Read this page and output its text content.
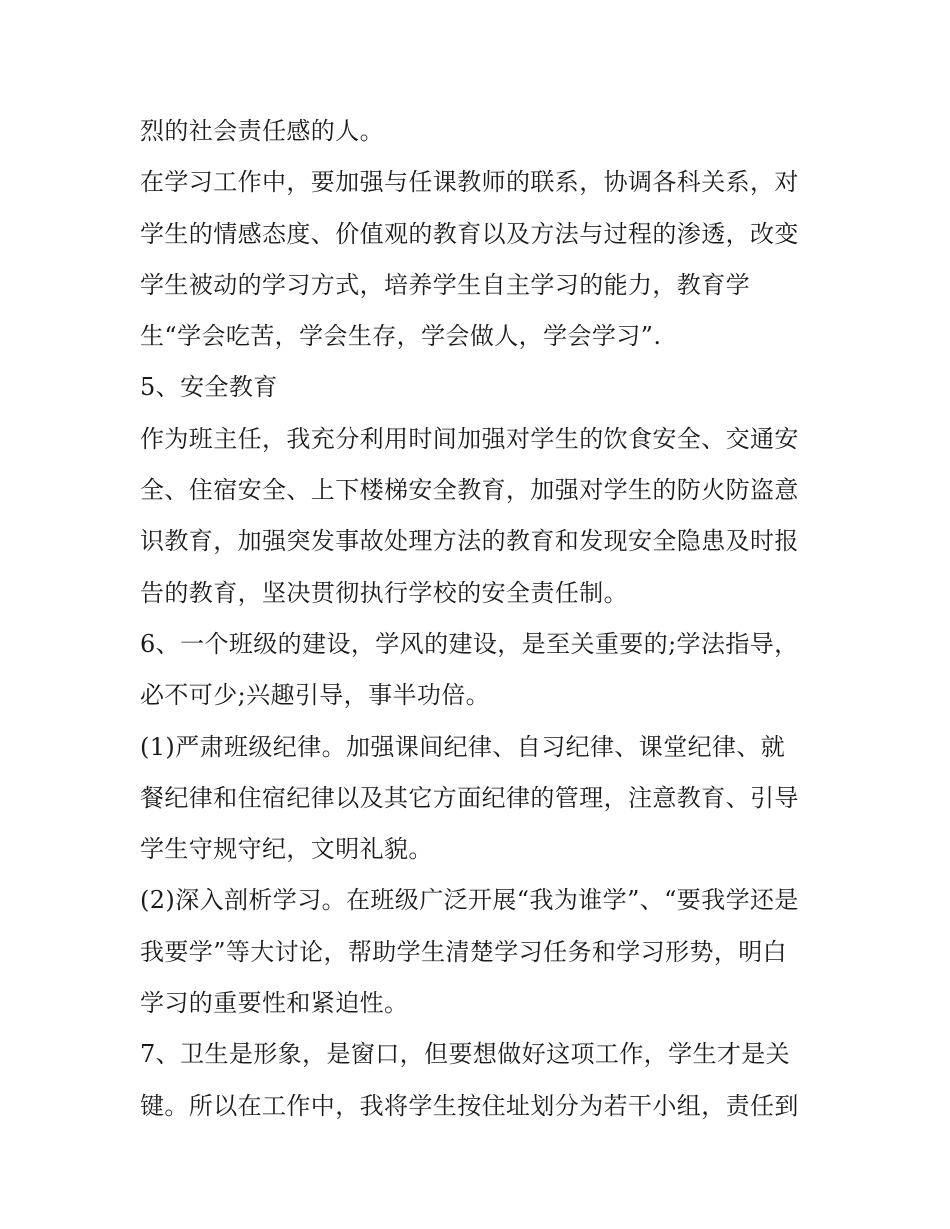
烈的社会责任感的人。
在学习工作中，要加强与任课教师的联系，协调各科关系，对
学生的情感态度、价值观的教育以及方法与过程的渗透，改变
学生被动的学习方式，培养学生自主学习的能力，教育学
生“学会吃苦，学会生存，学会做人，学会学习”.
5、安全教育
作为班主任，我充分利用时间加强对学生的饮食安全、交通安
全、住宿安全、上下楼梯安全教育，加强对学生的防火防盗意
识教育，加强突发事故处理方法的教育和发现安全隐患及时报
告的教育，坚决贯彻执行学校的安全责任制。
6、一个班级的建设，学风的建设，是至关重要的;学法指导，
必不可少;兴趣引导，事半功倍。
(1)严肃班级纪律。加强课间纪律、自习纪律、课堂纪律、就
餐纪律和住宿纪律以及其它方面纪律的管理，注意教育、引导
学生守规守纪，文明礼貌。
(2)深入剖析学习。在班级广泛开展“我为谁学”、“要我学还是
我要学”等大讨论，帮助学生清楚学习任务和学习形势，明白
学习的重要性和紧迫性。
7、卫生是形象，是窗口，但要想做好这项工作，学生才是关
键。所以在工作中，我将学生按住址划分为若干小组，责任到
